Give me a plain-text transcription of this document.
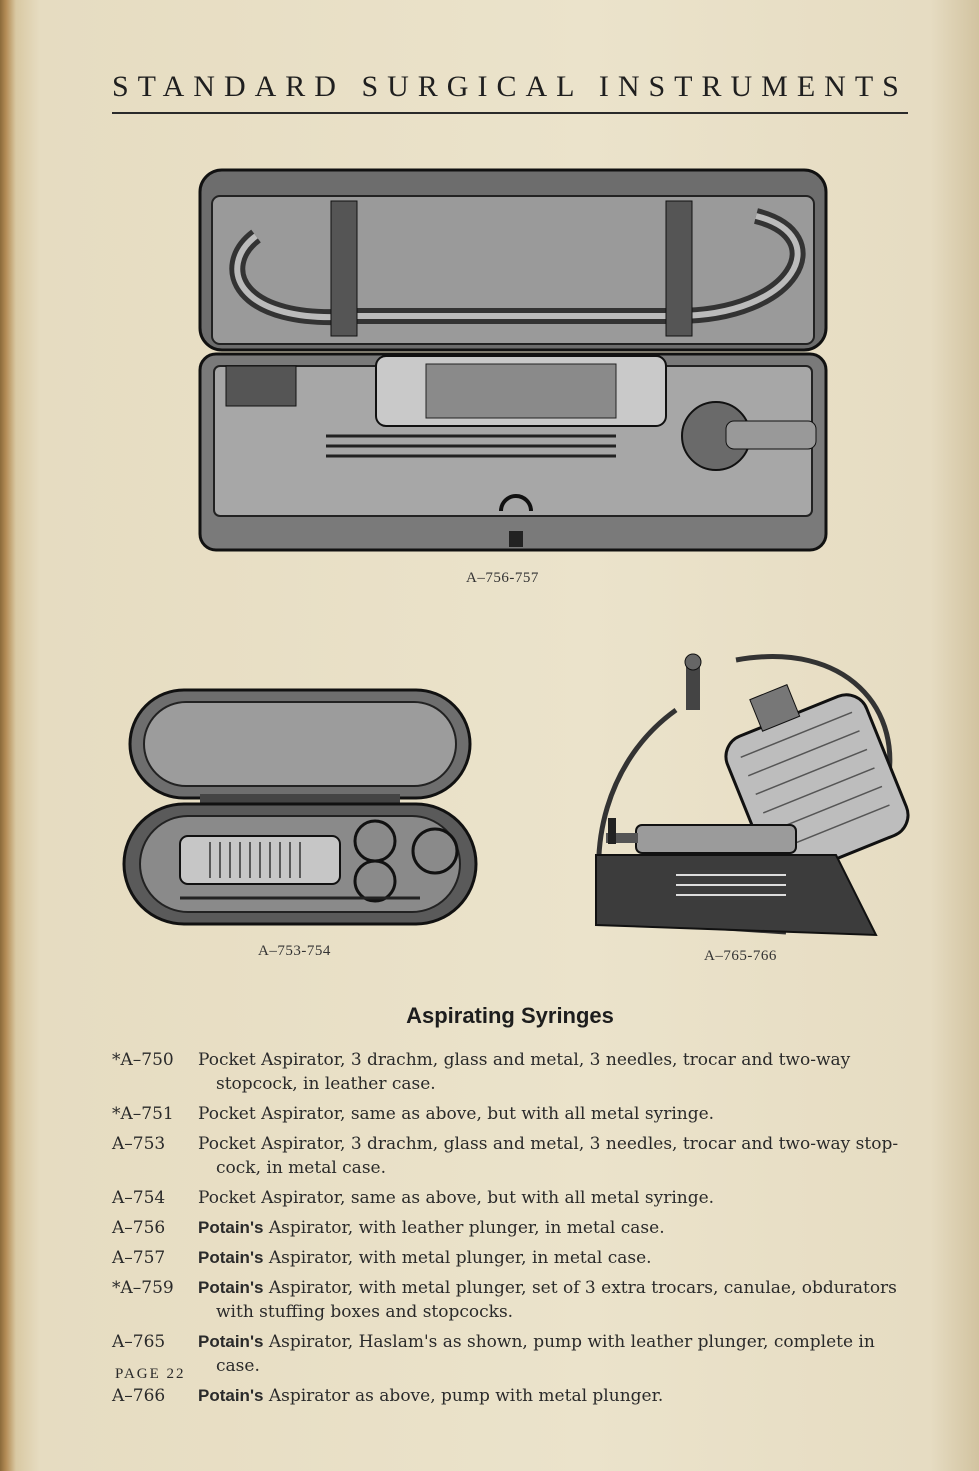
STANDARD SURGICAL INSTRUMENTS
A–756-757
A–753-754	A–765-766
Aspirating Syringes
*A–750	Pocket Aspirator, 3 drachm, glass and metal, 3 needles, trocar and two-way stopcock, in leather case.
*A–751	Pocket Aspirator, same as above, but with all metal syringe.
A–753	Pocket Aspirator, 3 drachm, glass and metal, 3 needles, trocar and two-way stop-cock, in metal case.
A–754	Pocket Aspirator, same as above, but with all metal syringe.
A–756	Potain's Aspirator, with leather plunger, in metal case.
A–757	Potain's Aspirator, with metal plunger, in metal case.
*A–759	Potain's Aspirator, with metal plunger, set of 3 extra trocars, canulae, obdurators with stuffing boxes and stopcocks.
A–765	Potain's Aspirator, Haslam's as shown, pump with leather plunger, complete in case.
A–766	Potain's Aspirator as above, pump with metal plunger.
PAGE 22
